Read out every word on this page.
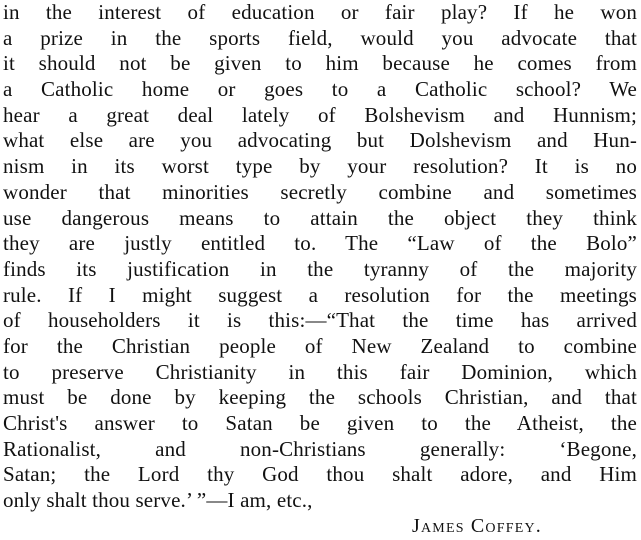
in the interest of education or fair play? If he won
a prize in the sports field, would you advocate that
it should not be given to him because he comes from
a Catholic home or goes to a Catholic school? We
hear a great deal lately of Bolshevism and Hunnism;
what else are you advocating but Dolshevism and Hun-
nism in its worst type by your resolution? It is no
wonder that minorities secretly combine and sometimes
use dangerous means to attain the object they think
they are justly entitled to. The “Law of the Bolo”
finds its justification in the tyranny of the majority
rule. If I might suggest a resolution for the meetings
of householders it is this:—“That the time has arrived
for the Christian people of New Zealand to combine
to preserve Christianity in this fair Dominion, which
must be done by keeping the schools Christian, and that
Christ's answer to Satan be given to the Atheist, the
Rationalist, and non-Christians generally: ‘Begone,
Satan; the Lord thy God thou shalt adore, and Him
only shalt thou serve.’ ”—I am, etc.,
James Coffey.
